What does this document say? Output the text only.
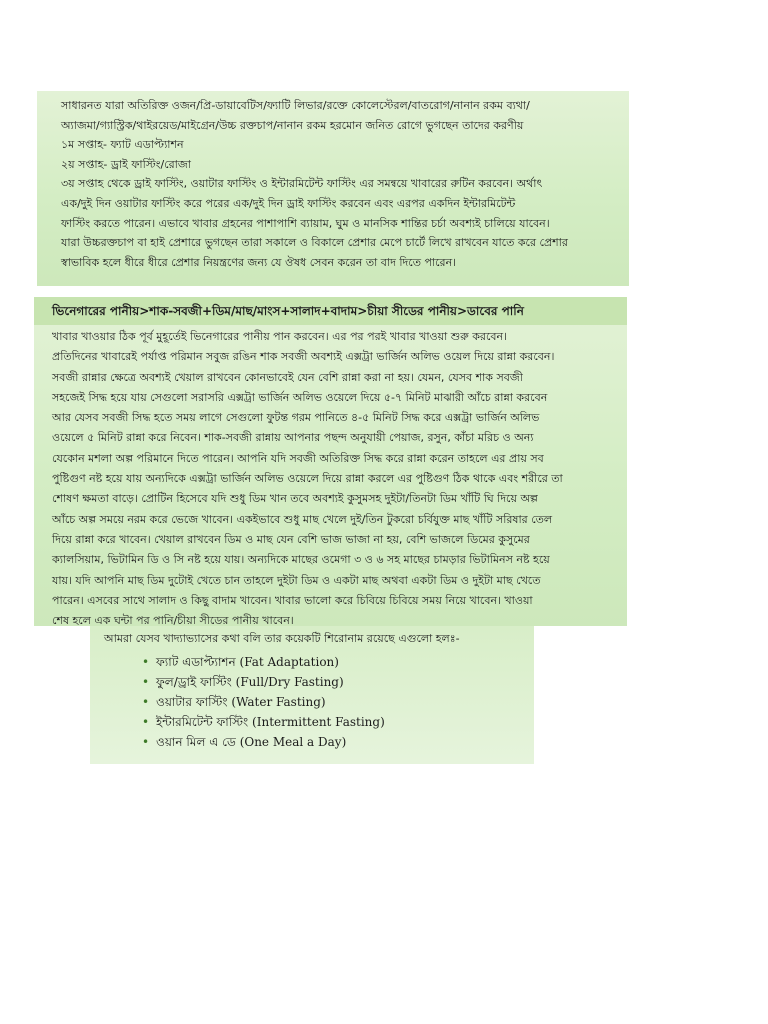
সাধারনত যারা অতিরিক্ত ওজন/প্রি-ডায়াবেটিস/ফ্যাটি লিভার/রক্তে কোলেস্টেরল/বাতরোগ/নানান রকম ব্যথা/

অ্যাজমা/গ্যাস্ট্রিক/থাইরয়েড/মাইগ্রেন/উচ্চ রক্তচাপ/নানান রকম হরমোন জনিত রোগে ভুগছেন তাদের করণীয়

১ম সপ্তাহ- ফ্যাট এডাপ্ট্যাশন

২য় সপ্তাহ- ড্রাই ফাস্টিং/রোজা

৩য় সপ্তাহ থেকে ড্রাই ফাস্টিং, ওয়াটার ফাস্টিং ও ইন্টারমিটেন্ট ফাস্টিং এর সমন্বয়ে খাবারের রুটিন করবেন। অর্থাৎ

এক/দুই দিন ওয়াটার ফাস্টিং করে পরের এক/দুই দিন ড্রাই ফাস্টিং করবেন এবং এরপর একদিন ইন্টারমিটেন্ট

ফাস্টিং করতে পারেন। এভাবে খাবার গ্রহনের পাশাপাশি ব্যায়াম, ঘুম ও মানসিক শান্তির চর্চা অবশ্যই চালিয়ে যাবেন।

যারা উচ্চরক্তচাপ বা হাই প্রেশারে ভুগছেন তারা সকালে ও বিকালে প্রেশার মেপে চার্টে লিখে রাখবেন যাতে করে প্রেশার

স্বাভাবিক হলে ধীরে ধীরে প্রেশার নিয়ন্ত্রণের জন্য যে ঔষধ সেবন করেন তা বাদ দিতে পারেন।

ভিনেগারের পানীয়>শাক-সবজী+ডিম/মাছ/মাংস+সালাদ+বাদাম>চীয়া সীডের পানীয়>ডাবের পানি

খাবার খাওয়ার ঠিক পূর্ব মুহূর্তেই ভিনেগারের পানীয় পান করবেন। এর পর পরই খাবার খাওয়া শুরু করবেন।

প্রতিদিনের খাবারেই পর্যাপ্ত পরিমান সবুজ রঙিন শাক সবজী অবশ্যই এক্সট্রা ভার্জিন অলিভ ওয়েল দিয়ে রান্না করবেন।

সবজী রান্নার ক্ষেত্রে অবশ্যই খেয়াল রাখবেন কোনভাবেই যেন বেশি রান্না করা না হয়। যেমন, যেসব শাক সবজী

সহজেই সিদ্ধ হয়ে যায় সেগুলো সরাসরি এক্সট্রা ভার্জিন অলিভ ওয়েলে দিয়ে ৫-৭ মিনিট মাঝারী আঁচে রান্না করবেন

আর যেসব সবজী সিদ্ধ হতে সময় লাগে সেগুলো ফুটন্ত গরম পানিতে ৪-৫ মিনিট সিদ্ধ করে এক্সট্রা ভার্জিন অলিভ

ওয়েলে ৫ মিনিট রান্না করে নিবেন। শাক-সবজী রান্নায় আপনার পছন্দ অনুযায়ী পেয়াজ, রসুন, কাঁচা মরিচ ও অন্য

যেকোন মশলা অল্প পরিমানে দিতে পারেন। আপনি যদি সবজী অতিরিক্ত সিদ্ধ করে রান্না করেন তাহলে এর প্রায় সব

পুষ্টিগুণ নষ্ট হয়ে যায় অন্যদিকে এক্সট্রা ভার্জিন অলিভ ওয়েলে দিয়ে রান্না করলে এর পুষ্টিগুণ ঠিক থাকে এবং শরীরে তা

শোষণ ক্ষমতা বাড়ে। প্রোটিন হিসেবে যদি শুধু ডিম খান তবে অবশ্যই কুসুমসহ দুইটা/তিনটা ডিম খাঁটি ঘি দিয়ে অল্প

আঁচে অল্প সময়ে নরম করে ভেজে খাবেন। একইভাবে শুধু মাছ খেলে দুই/তিন টুকরো চর্বিযুক্ত মাছ খাঁটি সরিষার তেল

দিয়ে রান্না করে খাবেন। খেয়াল রাখবেন ডিম ও মাছ যেন বেশি ভাজ ভাজা না হয়, বেশি ভাজলে ডিমের কুসুমের

ক্যালসিয়াম, ভিটামিন ডি ও সি নষ্ট হয়ে যায়। অন্যদিকে মাছের ওমেগা ৩ ও ৬ সহ মাছের চামড়ার ভিটামিনস নষ্ট হয়ে

যায়। যদি আপনি মাছ ডিম দুটোই খেতে চান তাহলে দুইটা ডিম ও একটা মাছ অথবা একটা ডিম ও দুইটা মাছ খেতে

পারেন। এসবের সাথে সালাদ ও কিছু বাদাম খাবেন। খাবার ভালো করে চিবিয়ে চিবিয়ে সময় নিয়ে খাবেন। খাওয়া

শেষ হলে এক ঘন্টা পর পানি/চীয়া সীডের পানীয় খাবেন।

আমরা যেসব খাদ্যাভ্যাসের কথা বলি তার কয়েকটি শিরোনাম রয়েছে এগুলো হলঃ-

• ফ্যাট এডাপ্ট্যাশন (Fat Adaptation)
• ফুল/ড্রাই ফাস্টিং (Full/Dry Fasting)
• ওয়াটার ফাস্টিং (Water Fasting)
• ইন্টারমিটেন্ট ফাস্টিং (Intermittent Fasting)
• ওয়ান মিল এ ডে (One Meal a Day)
